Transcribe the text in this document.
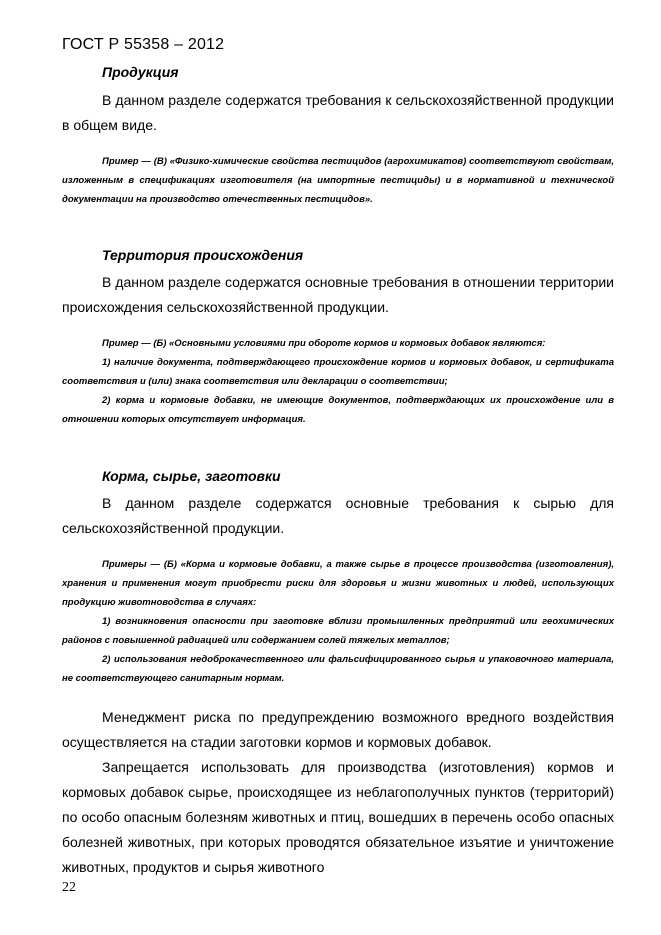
ГОСТ Р 55358 – 2012
Продукция
В данном разделе содержатся требования к сельскохозяйственной продукции в общем виде.

Пример — (В) «Физико-химические свойства пестицидов (агрохимикатов) соответствуют свойствам, изложенным в спецификациях изготовителя (на импортные пестициды) и в нормативной и технической документации на производство отечественных пестицидов».

Территория происхождения
В данном разделе содержатся основные требования в отношении территории происхождения сельскохозяйственной продукции.

Пример — (Б) «Основными условиями при обороте кормов и кормовых добавок являются:

1) наличие документа, подтверждающего происхождение кормов и кормовых добавок, и сертификата соответствия и (или) знака соответствия или декларации о соответствии;

2) корма и кормовые добавки, не имеющие документов, подтверждающих их происхождение или в отношении которых отсутствует информация.

Корма, сырье, заготовки
В данном разделе содержатся основные требования к сырью для сельскохозяйственной продукции.

Примеры — (Б) «Корма и кормовые добавки, а также сырье в процессе производства (изготовления), хранения и применения могут приобрести риски для здоровья и жизни животных и людей, использующих продукцию животноводства в случаях:

1) возникновения опасности при заготовке вблизи промышленных предприятий или геохимических районов с повышенной радиацией или содержанием солей тяжелых металлов;

2) использования недоброкачественного или фальсифицированного сырья и упаковочного материала, не соответствующего санитарным нормам.

Менеджмент риска по предупреждению возможного вредного воздействия осуществляется на стадии заготовки кормов и кормовых добавок.
Запрещается использовать для производства (изготовления) кормов и кормовых добавок сырье, происходящее из неблагополучных пунктов (территорий) по особо опасным болезням животных и птиц, вошедших в перечень особо опасных болезней животных, при которых проводятся обязательное изъятие и уничтожение животных, продуктов и сырья животного
22
